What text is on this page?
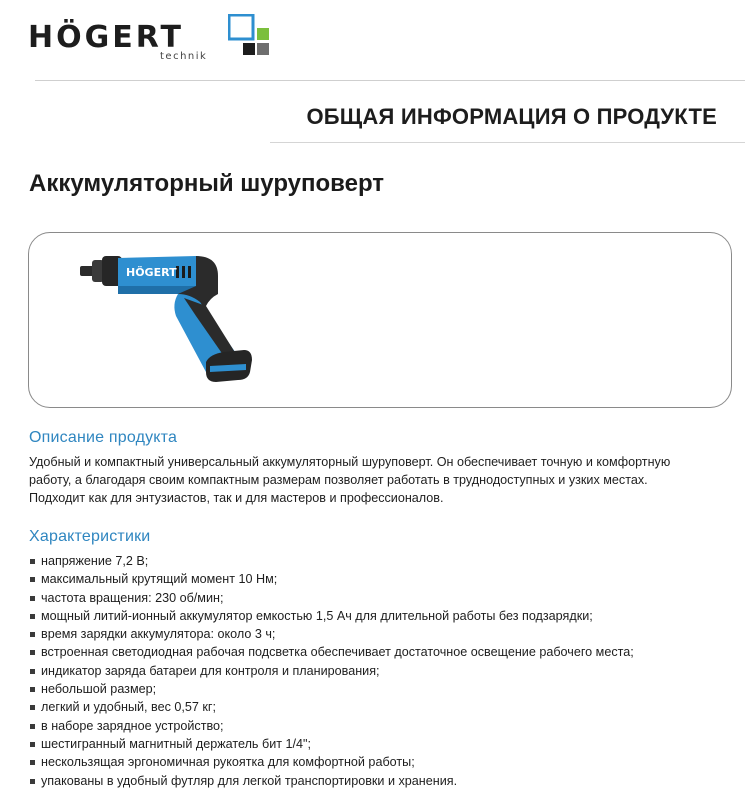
HÖGERT
technik
ОБЩАЯ ИНФОРМАЦИЯ О ПРОДУКТЕ
Аккумуляторный шуруповерт
HÖGERT
Описание продукта
Удобный и компактный универсальный аккумуляторный шуруповерт. Он обеспечивает точную и комфортную
работу, а благодаря своим компактным размерам позволяет работать в труднодоступных и узких местах.
Подходит как для энтузиастов, так и для мастеров и профессионалов.
Характеристики
напряжение 7,2 В;
максимальный крутящий момент 10 Нм;
частота вращения: 230 об/мин;
мощный литий-ионный аккумулятор емкостью 1,5 Ач для длительной работы без подзарядки;
время зарядки аккумулятора: около 3 ч;
встроенная светодиодная рабочая подсветка обеспечивает достаточное освещение рабочего места;
индикатор заряда батареи для контроля и планирования;
небольшой размер;
легкий и удобный, вес 0,57 кг;
в наборе зарядное устройство;
шестигранный магнитный держатель бит 1/4";
нескользящая эргономичная рукоятка для комфортной работы;
упакованы в удобный футляр для легкой транспортировки и хранения.
